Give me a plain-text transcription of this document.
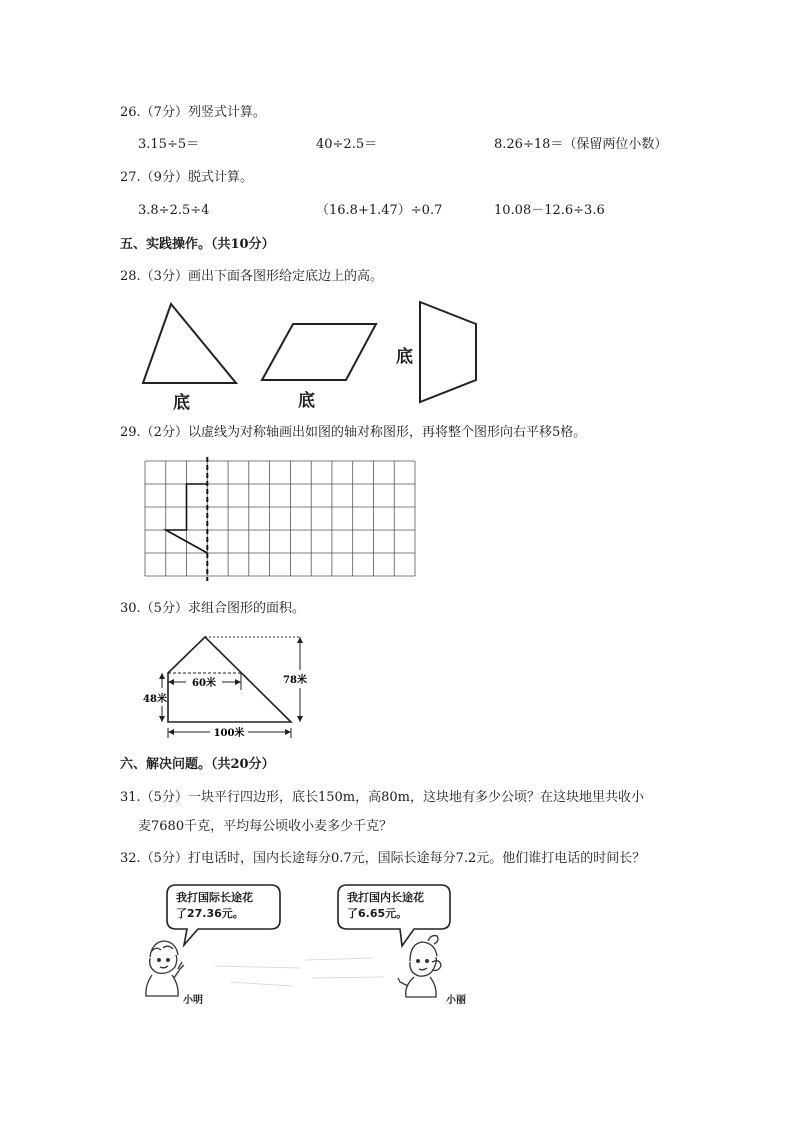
26.（7分）列竖式计算。
3.15÷5＝	40÷2.5＝	8.26÷18＝（保留两位小数）
27.（9分）脱式计算。
3.8÷2.5÷4	（16.8+1.47）÷0.7	10.08－12.6÷3.6
五、实践操作。（共10分）
28.（3分）画出下面各图形给定底边上的高。
底	底
底
29.（2分）以虚线为对称轴画出如图的轴对称图形，再将整个图形向右平移5格。
30.（5分）求组合图形的面积。
60米
48米
78米
100米
六、解决问题。（共20分）
31.（5分）一块平行四边形，底长150m，高80m，这块地有多少公顷？在这块地里共收小
麦7680千克，平均每公顷收小麦多少千克？
32.（5分）打电话时，国内长途每分0.7元，国际长途每分7.2元。他们谁打电话的时间长？
我打国际长途花
了27.36元。
我打国内长途花
了6.65元。
小明	小丽
